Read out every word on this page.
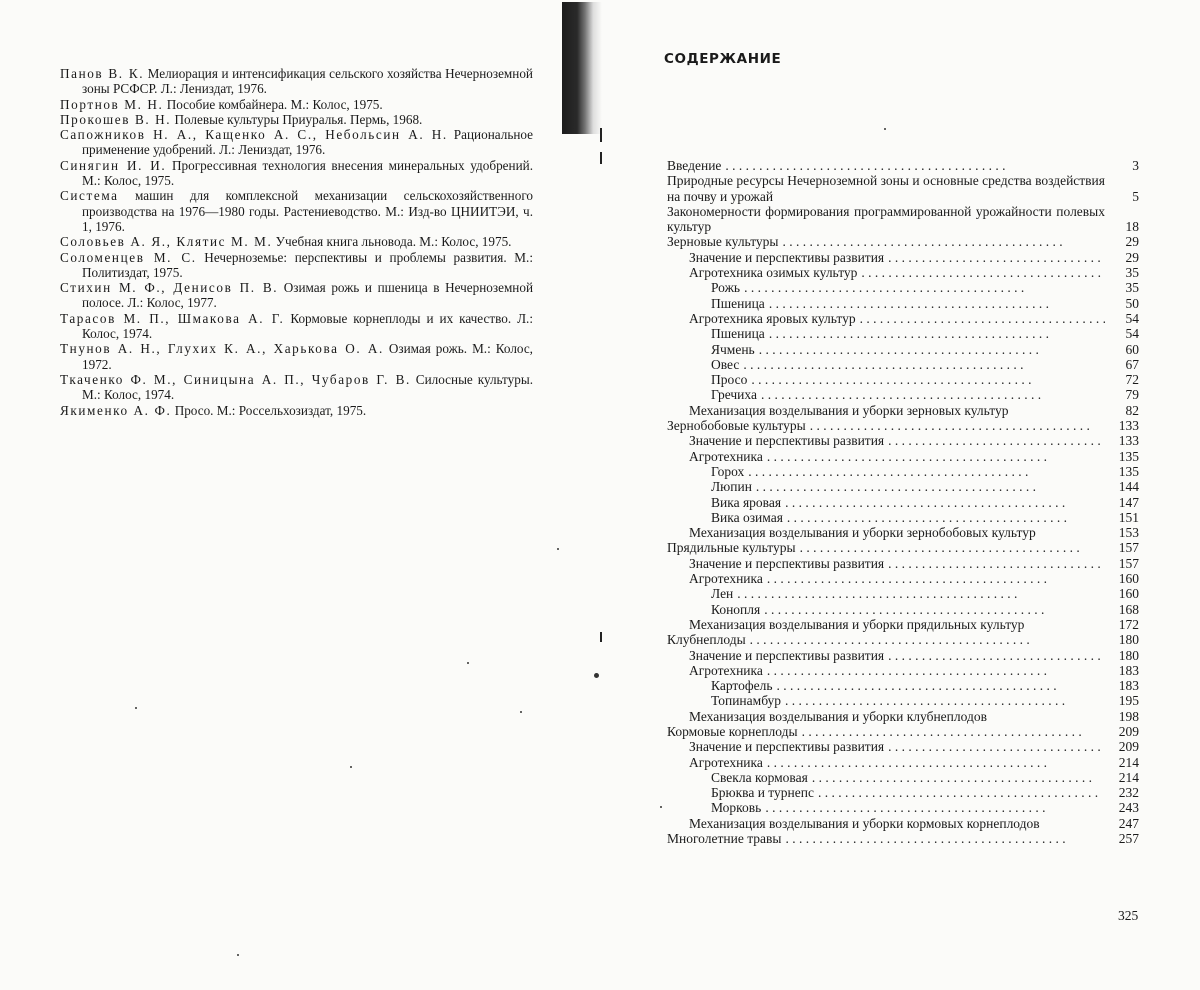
Панов В. К. Мелиорация и интенсификация сельского хозяйства Нечерноземной зоны РСФСР. Л.: Лениздат, 1976.
Портнов М. Н. Пособие комбайнера. М.: Колос, 1975.
Прокошев В. Н. Полевые культуры Приуралья. Пермь, 1968.
Сапожников Н. А., Кащенко А. С., Небольсин А. Н. Рациональное применение удобрений. Л.: Лениздат, 1976.
Синягин И. И. Прогрессивная технология внесения минеральных удобрений. М.: Колос, 1975.
Система машин для комплексной механизации сельскохозяйственного производства на 1976—1980 годы. Растениеводство. М.: Изд-во ЦНИИТЭИ, ч. 1, 1976.
Соловьев А. Я., Клятис М. М. Учебная книга льновода. М.: Колос, 1975.
Соломенцев М. С. Нечерноземье: перспективы и проблемы развития. М.: Политиздат, 1975.
Стихин М. Ф., Денисов П. В. Озимая рожь и пшеница в Нечерноземной полосе. Л.: Колос, 1977.
Тарасов М. П., Шмакова А. Г. Кормовые корнеплоды и их качество. Л.: Колос, 1974.
Тнунов А. Н., Глухих К. А., Харькова О. А. Озимая рожь. М.: Колос, 1972.
Ткаченко Ф. М., Синицына А. П., Чубаров Г. В. Силосные культуры. М.: Колос, 1974.
Якименко А. Ф. Просо. М.: Россельхозиздат, 1975.
СОДЕРЖАНИЕ
Введение . .	3
Природные ресурсы Нечерноземной зоны и основные средства воздействия на почву и урожай	5
Закономерности формирования программированной урожайности полевых культур	18
Зерновые культуры . .	29
Значение и перспективы развития . .	29
Агротехника озимых культур . .	35
Рожь . .	35
Пшеница . .	50
Агротехника яровых культур . .	54
Пшеница . .	54
Ячмень . .	60
Овес . .	67
Просо . .	72
Гречиха . .	79
Механизация возделывания и уборки зерновых культур	82
Зернобобовые культуры . .	133
Значение и перспективы развития . .	133
Агротехника . .	135
Горох . .	135
Люпин . .	144
Вика яровая . .	147
Вика озимая . .	151
Механизация возделывания и уборки зернобобовых культур	153
Прядильные культуры . .	157
Значение и перспективы развития . .	157
Агротехника . .	160
Лен . .	160
Конопля . .	168
Механизация возделывания и уборки прядильных культур	172
Клубнеплоды . .	180
Значение и перспективы развития . .	180
Агротехника . .	183
Картофель . .	183
Топинамбур . .	195
Механизация возделывания и уборки клубнеплодов	198
Кормовые корнеплоды . .	209
Значение и перспективы развития . .	209
Агротехника . .	214
Свекла кормовая . .	214
Брюква и турнепс . .	232
Морковь . .	243
Механизация возделывания и уборки кормовых корнеплодов	247
Многолетние травы . .	257

325
